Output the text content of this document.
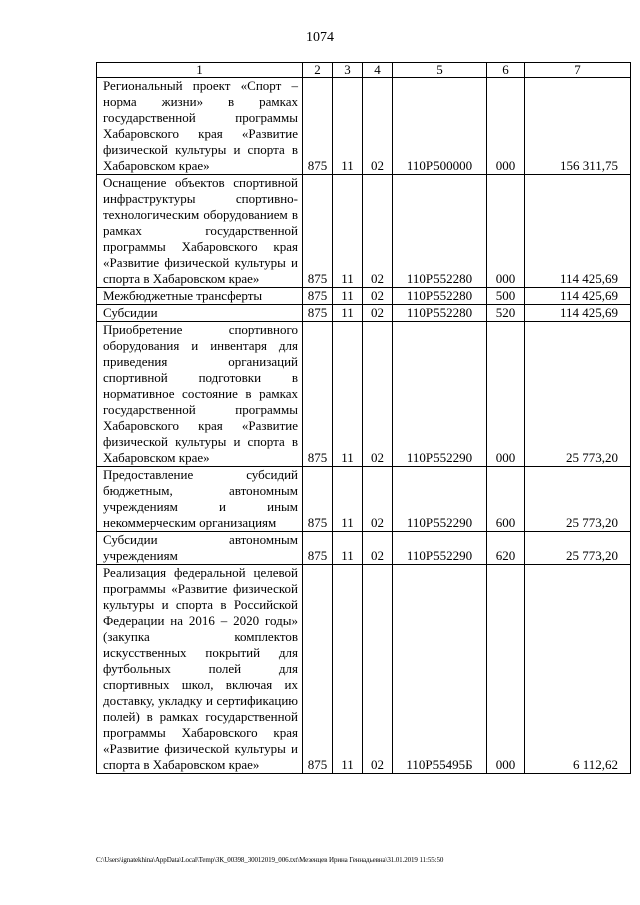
1074
1	2	3	4	5	6	7
Региональный проект «Спорт – норма жизни» в рамках государственной программы Хабаровского края «Развитие физической культуры и спорта в Хабаровском крае»	875	11	02	110P500000	000	156 311,75
Оснащение объектов спортивной инфраструктуры спортивно-технологическим оборудованием в рамках государственной программы Хабаровского края «Развитие физической культуры и спорта в Хабаровском крае»	875	11	02	110P552280	000	114 425,69
Межбюджетные трансферты	875	11	02	110P552280	500	114 425,69
Субсидии	875	11	02	110P552280	520	114 425,69
Приобретение спортивного оборудования и инвентаря для приведения организаций спортивной подготовки в нормативное состояние в рамках государственной программы Хабаровского края «Развитие физической культуры и спорта в Хабаровском крае»	875	11	02	110P552290	000	25 773,20
Предоставление субсидий бюджетным, автономным учреждениям и иным некоммерческим организациям	875	11	02	110P552290	600	25 773,20
Субсидии автономным учреждениям	875	11	02	110P552290	620	25 773,20
Реализация федеральной целевой программы «Развитие физической культуры и спорта в Российской Федерации на 2016 – 2020 годы» (закупка комплектов искусственных покрытий для футбольных полей для спортивных школ, включая их доставку, укладку и сертификацию полей) в рамках государственной программы Хабаровского края «Развитие физической культуры и спорта в Хабаровском крае»	875	11	02	110P55495Б	000	6 112,62
C:\Users\ignatekhina\AppData\Local\Temp\ЗК_00398_30012019_006.txt\Мезенцев Ирина Геннадьевна\31.01.2019 11:55:50
